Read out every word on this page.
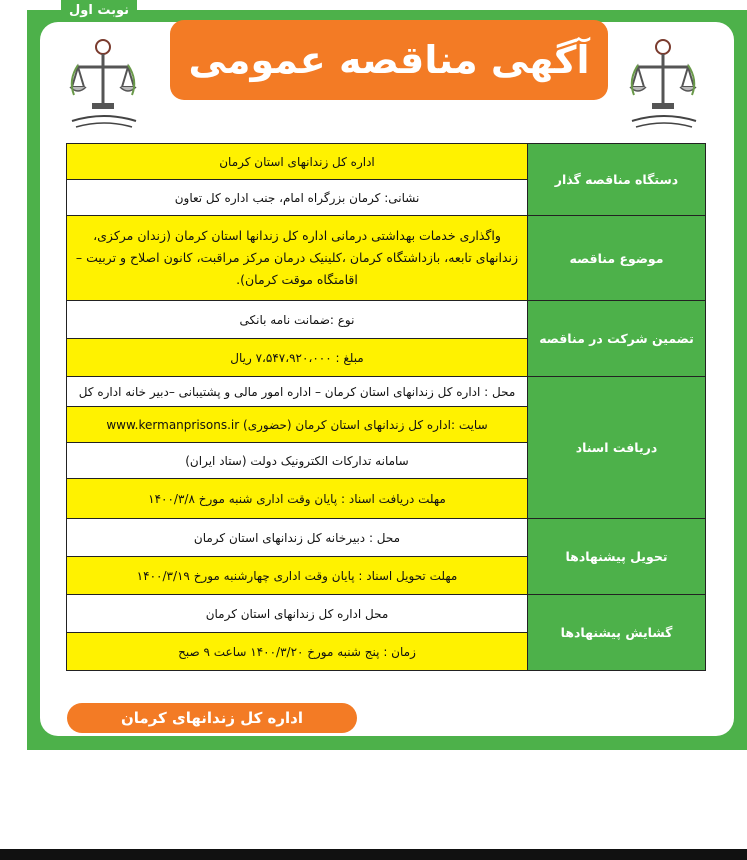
نوبت اول
آگهی مناقصه عمومی
دستگاه مناقصه گذار	اداره کل زندانهای استان کرمان
	نشانی: کرمان بزرگراه امام، جنب اداره کل تعاون
موضوع مناقصه	واگذاری خدمات بهداشتی درمانی اداره کل زندانها استان کرمان (زندان مرکزی، زندانهای تابعه، بازداشتگاه کرمان ،کلینیک درمان مرکز مراقبت، کانون اصلاح و تربیت –اقامتگاه موقت کرمان).
تضمین شرکت در مناقصه	نوع :ضمانت نامه بانکی
	مبلغ : ۷،۵۴۷،۹۲۰،۰۰۰ ریال
دریافت اسناد	محل : اداره کل زندانهای استان کرمان – اداره امور مالی و پشتیبانی –دبیر خانه اداره کل
	سایت :اداره کل زندانهای استان کرمان (حضوری) www.kermanprisons.ir
	سامانه تدارکات الکترونیک دولت (ستاد ایران)
	مهلت دریافت اسناد : پایان وقت اداری شنبه مورخ ۱۴۰۰/۳/۸
تحویل پیشنهادها	محل : دبیرخانه کل زندانهای استان کرمان
	مهلت تحویل اسناد : پایان وقت اداری چهارشنبه مورخ ۱۴۰۰/۳/۱۹
گشایش پیشنهادها	محل اداره کل زندانهای استان کرمان
	زمان : پنج شنبه مورخ ۱۴۰۰/۳/۲۰ ساعت ۹ صبح
اداره کل زندانهای کرمان
